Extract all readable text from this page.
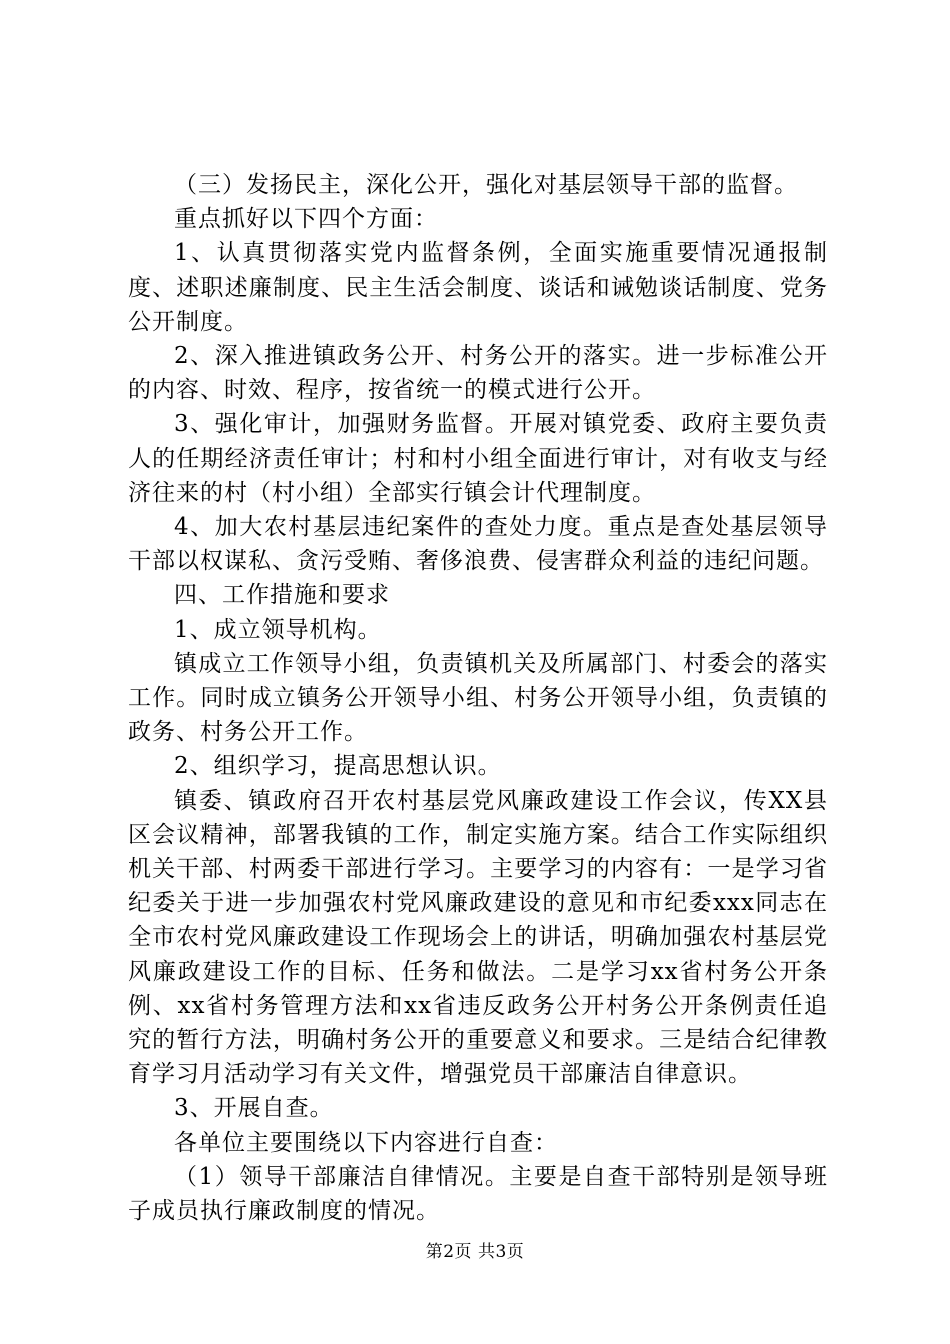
（三）发扬民主，深化公开，强化对基层领导干部的监督。

重点抓好以下四个方面：

1、认真贯彻落实党内监督条例，全面实施重要情况通报制度、述职述廉制度、民主生活会制度、谈话和诫勉谈话制度、党务公开制度。

2、深入推进镇政务公开、村务公开的落实。进一步标准公开的内容、时效、程序，按省统一的模式进行公开。

3、强化审计，加强财务监督。开展对镇党委、政府主要负责人的任期经济责任审计；村和村小组全面进行审计，对有收支与经济往来的村（村小组）全部实行镇会计代理制度。

4、加大农村基层违纪案件的查处力度。重点是查处基层领导干部以权谋私、贪污受贿、奢侈浪费、侵害群众利益的违纪问题。

四、工作措施和要求

1、成立领导机构。

镇成立工作领导小组，负责镇机关及所属部门、村委会的落实工作。同时成立镇务公开领导小组、村务公开领导小组，负责镇的政务、村务公开工作。

2、组织学习，提高思想认识。

镇委、镇政府召开农村基层党风廉政建设工作会议，传XX县区会议精神，部署我镇的工作，制定实施方案。结合工作实际组织机关干部、村两委干部进行学习。主要学习的内容有：一是学习省纪委关于进一步加强农村党风廉政建设的意见和市纪委xxx同志在全市农村党风廉政建设工作现场会上的讲话，明确加强农村基层党风廉政建设工作的目标、任务和做法。二是学习xx省村务公开条例、xx省村务管理方法和xx省违反政务公开村务公开条例责任追究的暂行方法，明确村务公开的重要意义和要求。三是结合纪律教育学习月活动学习有关文件，增强党员干部廉洁自律意识。

3、开展自查。

各单位主要围绕以下内容进行自查：

（1）领导干部廉洁自律情况。主要是自查干部特别是领导班子成员执行廉政制度的情况。

第2页 共3页
